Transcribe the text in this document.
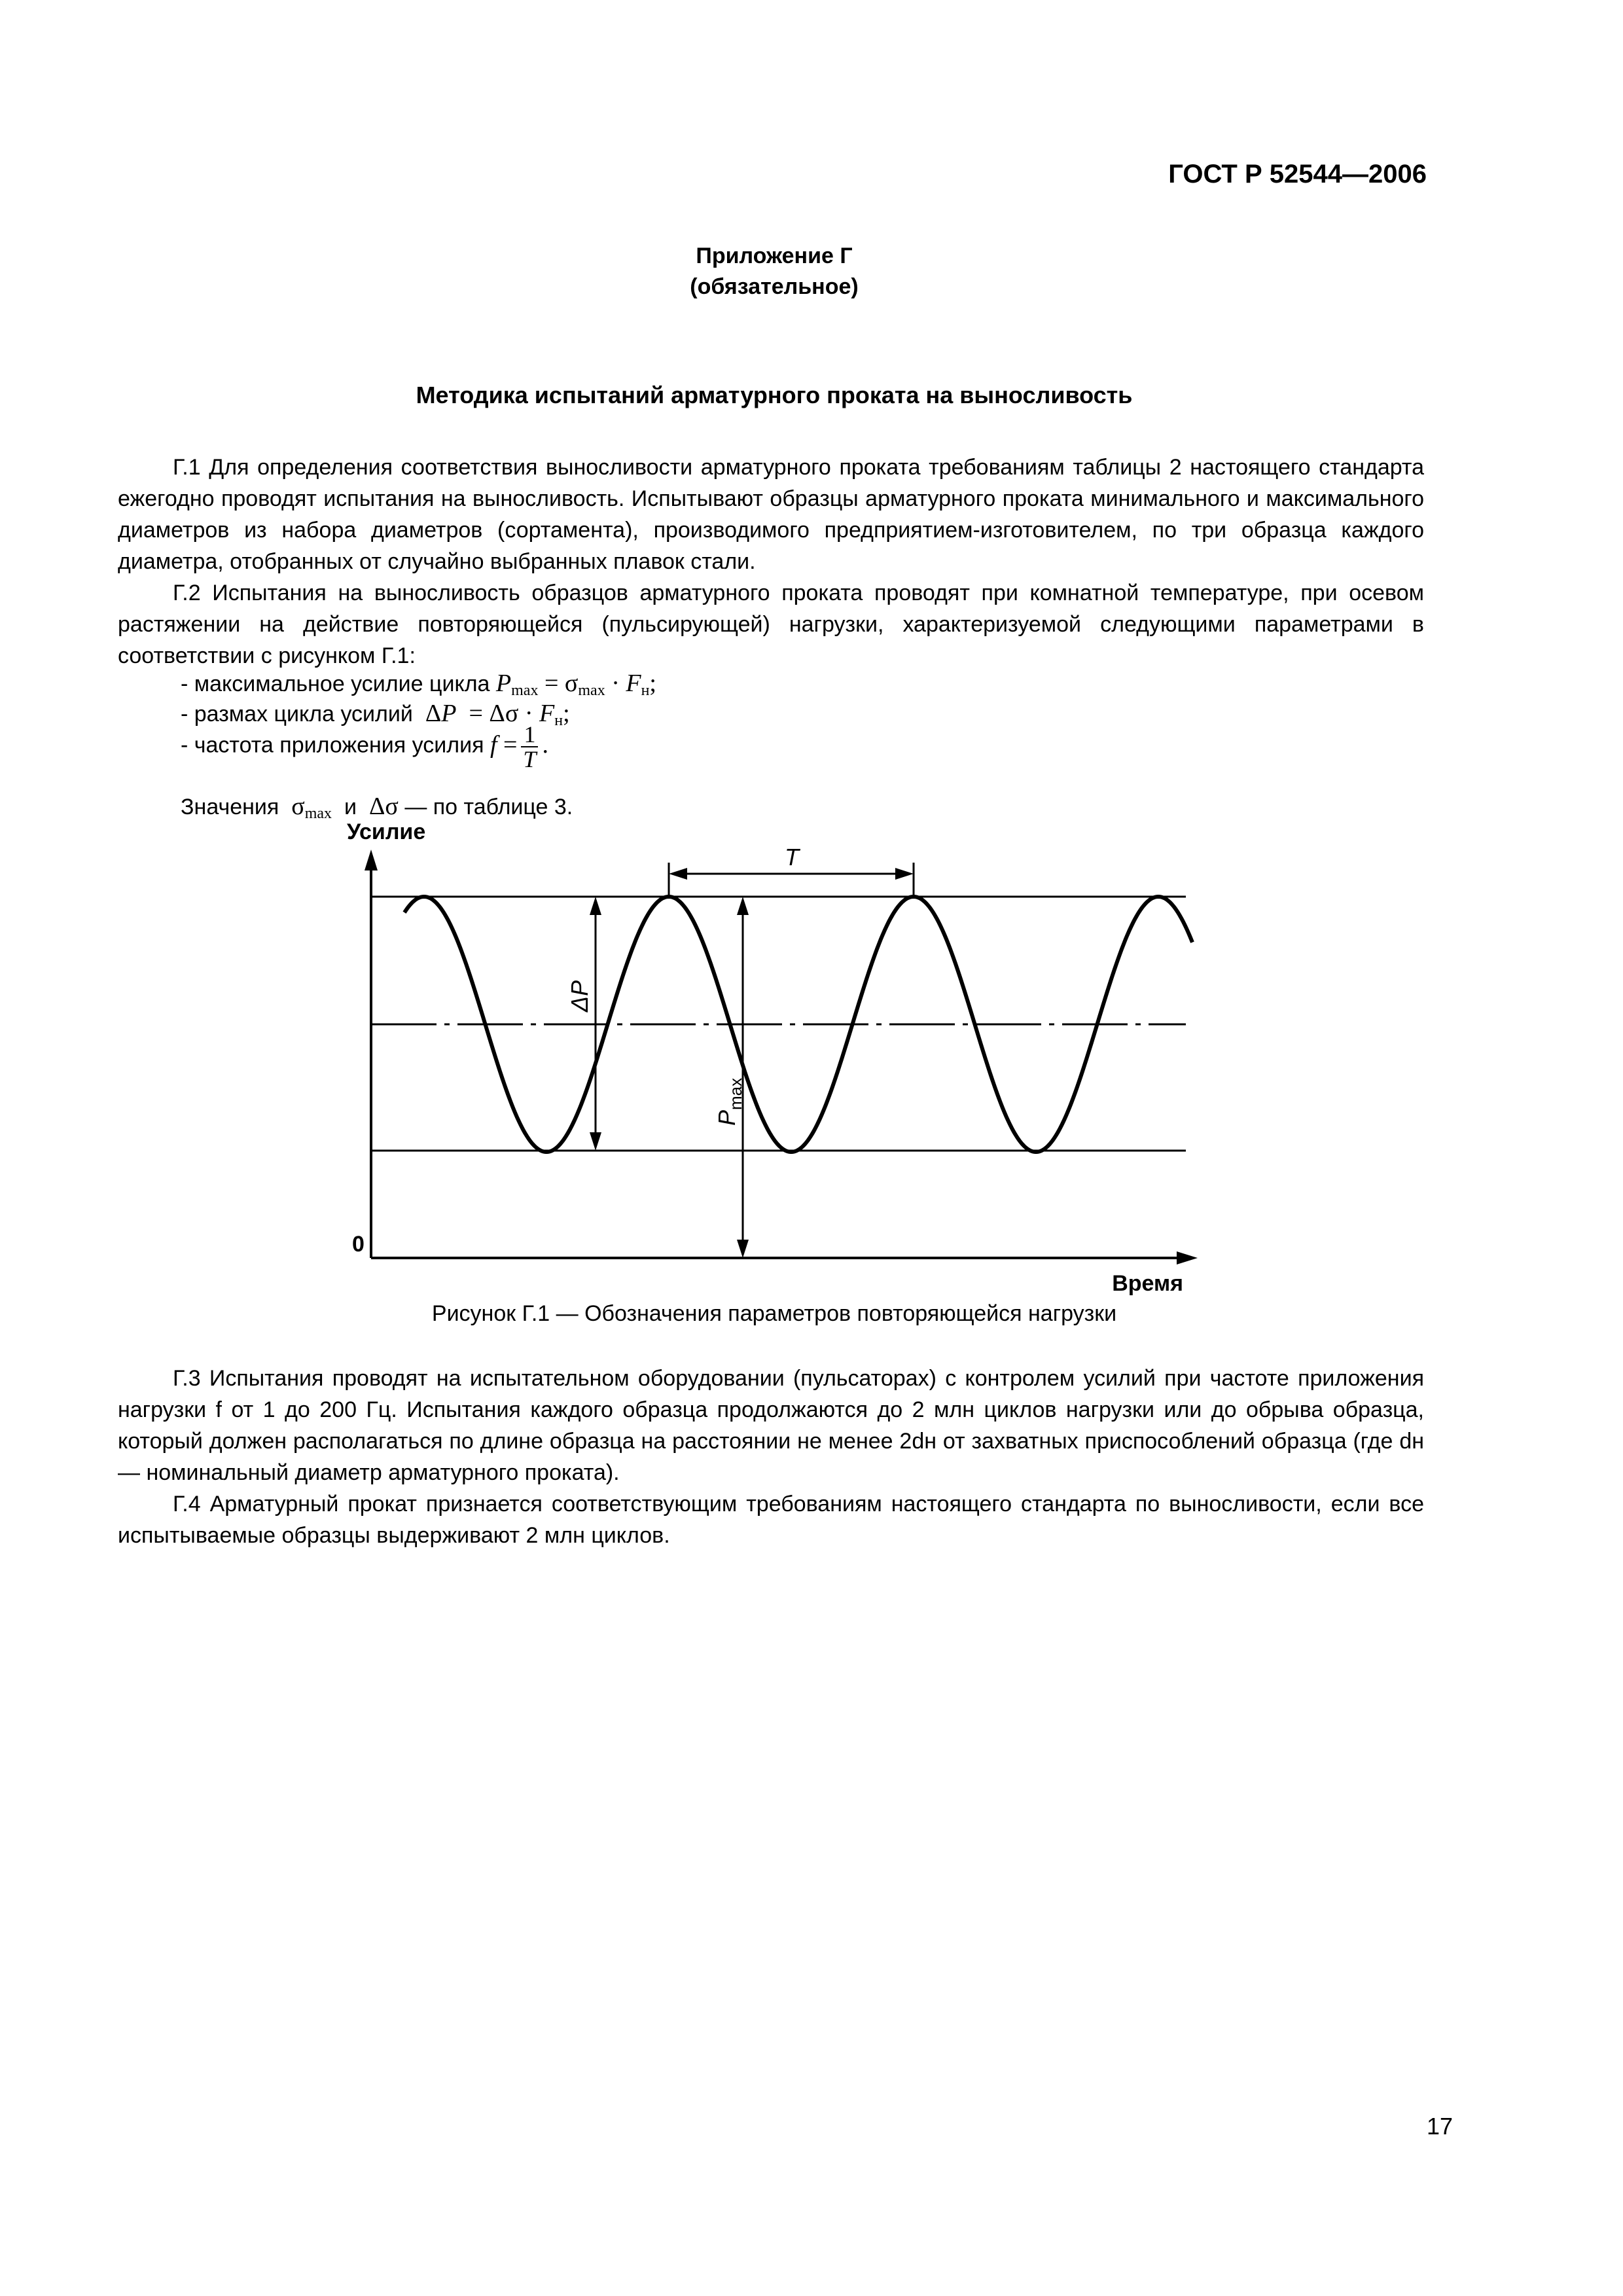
ГОСТ Р 52544—2006
Приложение Г
(обязательное)
Методика испытаний арматурного проката на выносливость

Г.1 Для определения соответствия выносливости арматурного проката требованиям таблицы 2 настоящего стандарта ежегодно проводят испытания на выносливость. Испытывают образцы арматурного проката минимального и максимального диаметров из набора диаметров (сортамента), производимого предприятием-изготовителем, по три образца каждого диаметра, отобранных от случайно выбранных плавок стали.

Г.2 Испытания на выносливость образцов арматурного проката проводят при комнатной температуре, при осевом растяжении на действие повторяющейся (пульсирующей) нагрузки, характеризуемой следующими параметрами в соответствии с рисунком Г.1:

- максимальное усилие цикла $P_{max} = \sigma_{max} \cdot F_н$;
- размах цикла усилий  $\Delta P = \Delta\sigma \cdot F_н$;
- частота приложения усилия $f = \frac{1}{T}$ .
Значения  $\sigma_{max}$ и  Δσ — по таблице 3.
T
ΔP
P
max
Усилие
Время
0
Рисунок Г.1 — Обозначения параметров повторяющейся нагрузки

Г.3 Испытания проводят на испытательном оборудовании (пульсаторах) с контролем усилий при частоте приложения нагрузки f от 1 до 200 Гц. Испытания каждого образца продолжаются до 2 млн циклов нагрузки или до обрыва образца, который должен располагаться по длине образца на расстоянии не менее 2dн от захватных приспособлений образца (где dн — номинальный диаметр арматурного проката).

Г.4 Арматурный прокат признается соответствующим требованиям настоящего стандарта по выносливости, если все испытываемые образцы выдерживают 2 млн циклов.

17
